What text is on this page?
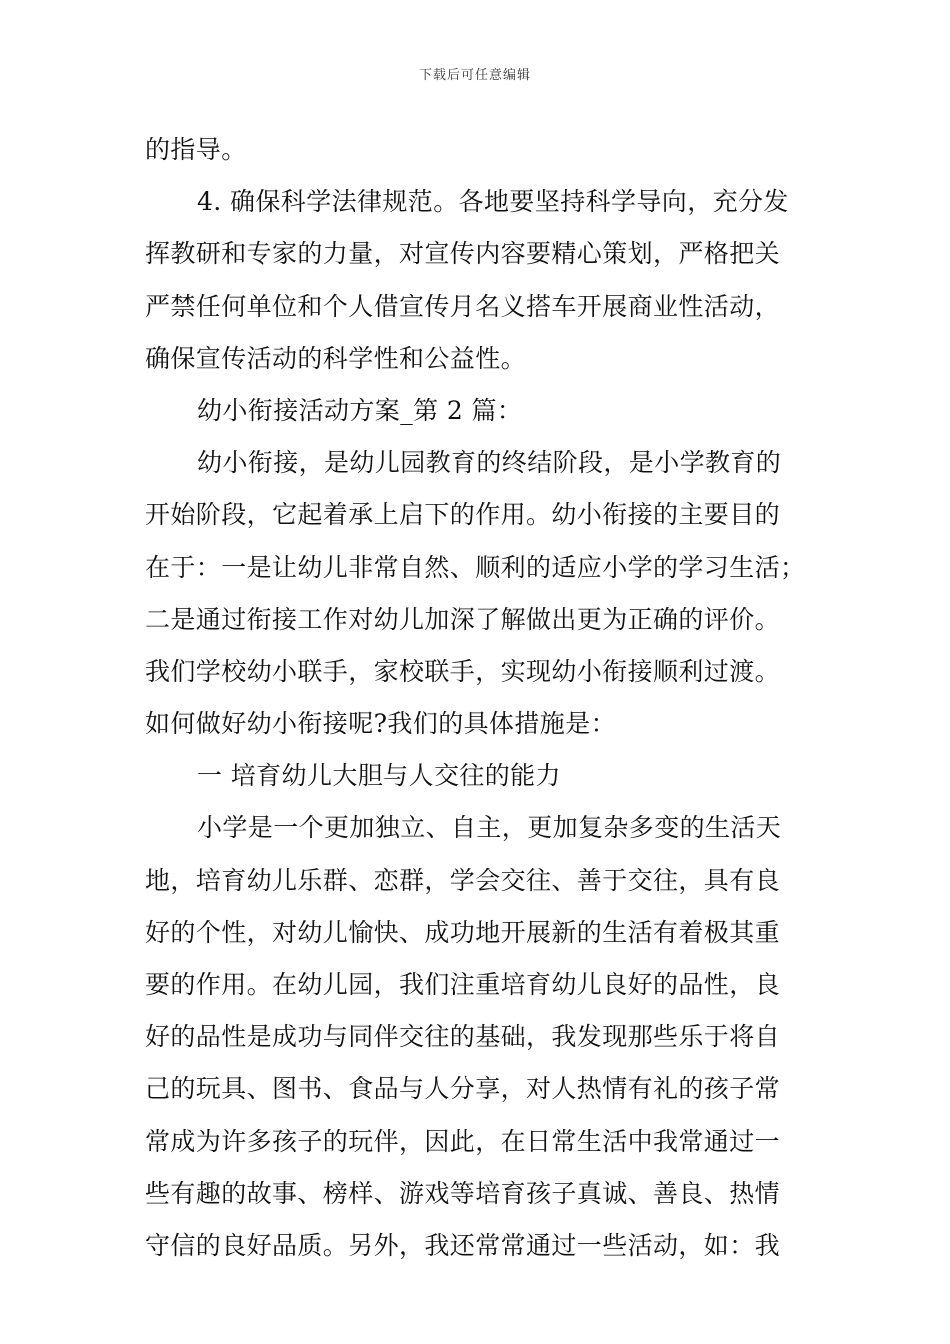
下载后可任意编辑
的指导。
4. 确保科学法律规范。各地要坚持科学导向，充分发
挥教研和专家的力量，对宣传内容要精心策划，严格把关
严禁任何单位和个人借宣传月名义搭车开展商业性活动，
确保宣传活动的科学性和公益性。
幼小衔接活动方案_第 2 篇：
幼小衔接，是幼儿园教育的终结阶段，是小学教育的
开始阶段，它起着承上启下的作用。幼小衔接的主要目的
在于：一是让幼儿非常自然、顺利的适应小学的学习生活；
二是通过衔接工作对幼儿加深了解做出更为正确的评价。
我们学校幼小联手，家校联手，实现幼小衔接顺利过渡。
如何做好幼小衔接呢?我们的具体措施是：
一 培育幼儿大胆与人交往的能力
小学是一个更加独立、自主，更加复杂多变的生活天
地，培育幼儿乐群、恋群，学会交往、善于交往，具有良
好的个性，对幼儿愉快、成功地开展新的生活有着极其重
要的作用。在幼儿园，我们注重培育幼儿良好的品性，良
好的品性是成功与同伴交往的基础，我发现那些乐于将自
己的玩具、图书、食品与人分享，对人热情有礼的孩子常
常成为许多孩子的玩伴，因此，在日常生活中我常通过一
些有趣的故事、榜样、游戏等培育孩子真诚、善良、热情
守信的良好品质。另外，我还常常通过一些活动，如：我
